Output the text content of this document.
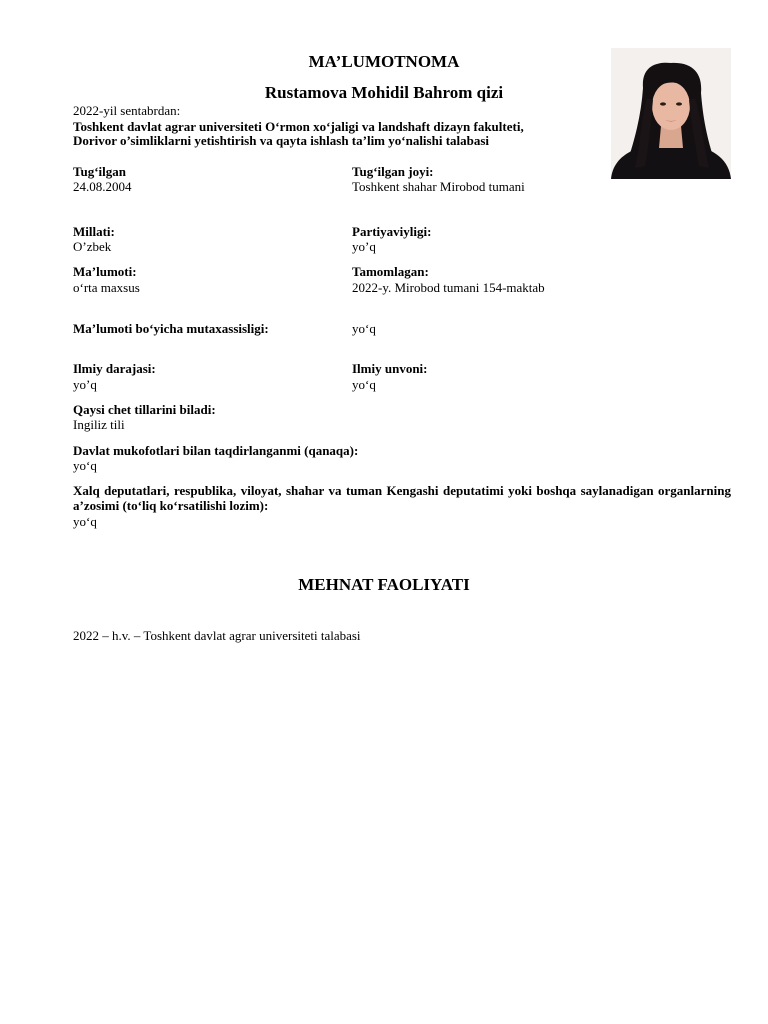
MA’LUMOTNOMA
Rustamova Mohidil Bahrom qizi
2022-yil sentabrdan:
Toshkent davlat agrar universiteti O‘rmon xo‘jaligi va landshaft dizayn fakulteti,
Dorivor o’simliklarni yetishtirish va qayta ishlash ta’lim yo‘nalishi talabasi
Tug‘ilgan
24.08.2004
Tug‘ilgan joyi:
Toshkent shahar Mirobod tumani
Millati:
O’zbek
Partiyaviyligi:
yo’q
Ma’lumoti:
o‘rta maxsus
Tamomlagan:
2022-y. Mirobod tumani 154-maktab
Ma’lumoti bo‘yicha mutaxassisligi:	yo‘q
Ilmiy darajasi:
yo’q
Ilmiy unvoni:
yo‘q
Qaysi chet tillarini biladi:
Ingiliz tili
Davlat mukofotlari bilan taqdirlanganmi (qanaqa):
yo‘q
Xalq deputatlari, respublika, viloyat, shahar va tuman Kengashi deputatimi yoki boshqa saylanadigan organlarning a’zosimi (to‘liq ko‘rsatilishi lozim):
yo‘q
MEHNAT FAOLIYATI
2022 – h.v. – Toshkent davlat agrar universiteti talabasi
